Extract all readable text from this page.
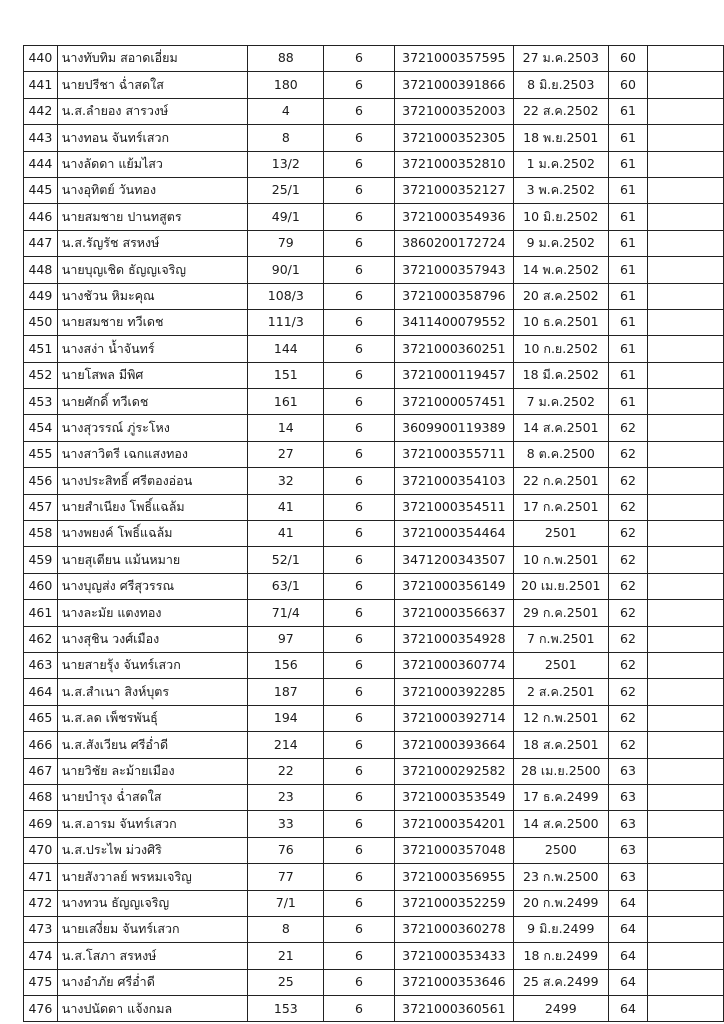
440	นางทับทิม สอาดเอี่ยม	88	6	3721000357595	27 ม.ค.2503	60	
441	นายปรีชา ฉ่ำสดใส	180	6	3721000391866	8 มิ.ย.2503	60	
442	น.ส.ลำยอง สารวงษ์	4	6	3721000352003	22 ส.ค.2502	61	
443	นางทอน จันทร์เสวก	8	6	3721000352305	18 พ.ย.2501	61	
444	นางลัดดา แย้มไสว	13/2	6	3721000352810	1 ม.ค.2502	61	
445	นางอุทิตย์ วันทอง	25/1	6	3721000352127	3 พ.ค.2502	61	
446	นายสมชาย ปานทสูตร	49/1	6	3721000354936	10 มิ.ย.2502	61	
447	น.ส.รัญรัช สรหงษ์	79	6	3860200172724	9 ม.ค.2502	61	
448	นายบุญเชิด ธัญญเจริญ	90/1	6	3721000357943	14 พ.ค.2502	61	
449	นางชัวน หิมะคุณ	108/3	6	3721000358796	20 ส.ค.2502	61	
450	นายสมชาย ทวีเดช	111/3	6	3411400079552	10 ธ.ค.2501	61	
451	นางสง่า น้ำจันทร์	144	6	3721000360251	10 ก.ย.2502	61	
452	นายโสพล มีพิศ	151	6	3721000119457	18 มี.ค.2502	61	
453	นายศักดิ์ ทวีเดช	161	6	3721000057451	7 ม.ค.2502	61	
454	นางสุวรรณ์ ภู่ระโหง	14	6	3609900119389	14 ส.ค.2501	62	
455	นางสาวิตรี เฉกแสงทอง	27	6	3721000355711	8 ต.ค.2500	62	
456	นางประสิทธิ์ ศรีตองอ่อน	32	6	3721000354103	22 ก.ค.2501	62	
457	นายสำเนียง โพธิ์แฉล้ม	41	6	3721000354511	17 ก.ค.2501	62	
458	นางพยงค์ โพธิ์แฉล้ม	41	6	3721000354464	2501	62	
459	นายสุเตียน แม้นหมาย	52/1	6	3471200343507	10 ก.พ.2501	62	
460	นางบุญส่ง ศรีสุวรรณ	63/1	6	3721000356149	20 เม.ย.2501	62	
461	นางละมัย แตงทอง	71/4	6	3721000356637	29 ก.ค.2501	62	
462	นางสุชิน วงศ์เมือง	97	6	3721000354928	7 ก.พ.2501	62	
463	นายสายรุ้ง จันทร์เสวก	156	6	3721000360774	2501	62	
464	น.ส.สำเนา สิงห์บุตร	187	6	3721000392285	2 ส.ค.2501	62	
465	น.ส.ลด เพ็ชรพันธุ์	194	6	3721000392714	12 ก.พ.2501	62	
466	น.ส.สังเวียน ศรีอ่ำดี	214	6	3721000393664	18 ส.ค.2501	62	
467	นายวิชัย ละม้ายเมือง	22	6	3721000292582	28 เม.ย.2500	63	
468	นายบำรุง ฉ่ำสดใส	23	6	3721000353549	17 ธ.ค.2499	63	
469	น.ส.อารม จันทร์เสวก	33	6	3721000354201	14 ส.ค.2500	63	
470	น.ส.ประไพ ม่วงศิริ	76	6	3721000357048	2500	63	
471	นายสังวาลย์ พรหมเจริญ	77	6	3721000356955	23 ก.พ.2500	63	
472	นางทวน ธัญญเจริญ	7/1	6	3721000352259	20 ก.พ.2499	64	
473	นายเสงี่ยม จันทร์เสวก	8	6	3721000360278	9 มิ.ย.2499	64	
474	น.ส.โสภา สรหงษ์	21	6	3721000353433	18 ก.ย.2499	64	
475	นางอำภัย ศรีอ่ำดี	25	6	3721000353646	25 ส.ค.2499	64	
476	นางปนัดดา แจ้งกมล	153	6	3721000360561	2499	64	
